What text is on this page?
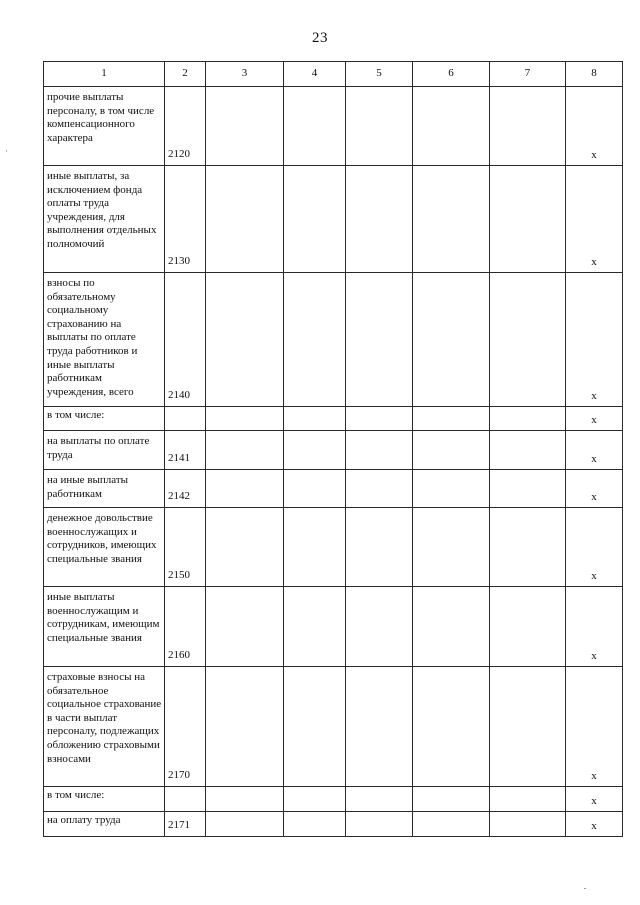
23
1	2	3	4	5	6	7	8
прочие выплаты персоналу, в том числе компенсационного характера	2120						x
иные выплаты, за исключением фонда оплаты труда учреждения, для выполнения отдельных полномочий	2130						x
взносы по обязательному социальному страхованию на выплаты по оплате труда работников и иные выплаты работникам учреждения, всего	2140						x
в том числе:							x
на выплаты по оплате труда	2141						x
на иные выплаты работникам	2142						x
денежное довольствие военнослужащих и сотрудников, имеющих специальные звания	2150						x
иные выплаты военнослужащим и сотрудникам, имеющим специальные звания	2160						x
страховые взносы на обязательное социальное страхование в части выплат персоналу, подлежащих обложению страховыми взносами	2170						x
в том числе:							x
на оплату труда	2171						x
